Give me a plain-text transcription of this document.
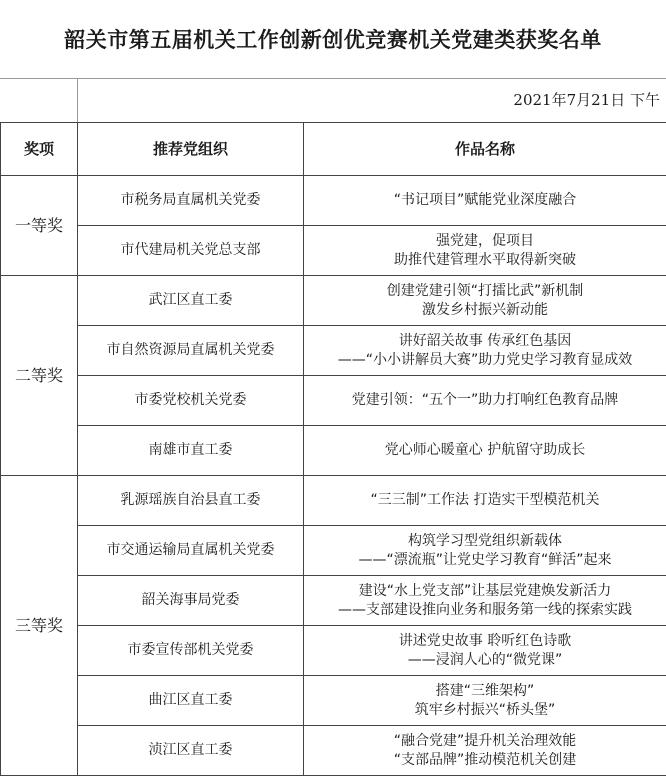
韶关市第五届机关工作创新创优竞赛机关党建类获奖名单
2021年7月21日 下午
奖项	推荐党组织	作品名称
一等奖	市税务局直属机关党委	“书记项目”赋能党业深度融合

	市代建局机关党总支部	强党建，促项目
助推代建管理水平取得新突破

二等奖	武江区直工委	创建党建引领“打擂比武”新机制
激发乡村振兴新动能

	市自然资源局直属机关党委	讲好韶关故事 传承红色基因
——“小小讲解员大赛”助力党史学习教育显成效

	市委党校机关党委	党建引领：“五个一”助力打响红色教育品牌

	南雄市直工委	党心师心暖童心 护航留守助成长

三等奖	乳源瑶族自治县直工委	“三三制”工作法 打造实干型模范机关

	市交通运输局直属机关党委	构筑学习型党组织新载体
——“漂流瓶”让党史学习教育“鲜活”起来

	韶关海事局党委	建设“水上党支部”让基层党建焕发新活力
——支部建设推向业务和服务第一线的探索实践

	市委宣传部机关党委	讲述党史故事 聆听红色诗歌
——浸润人心的“微党课”

	曲江区直工委	搭建“三维架构”
筑牢乡村振兴“桥头堡”

	浈江区直工委	“融合党建”提升机关治理效能
“支部品牌”推动模范机关创建
